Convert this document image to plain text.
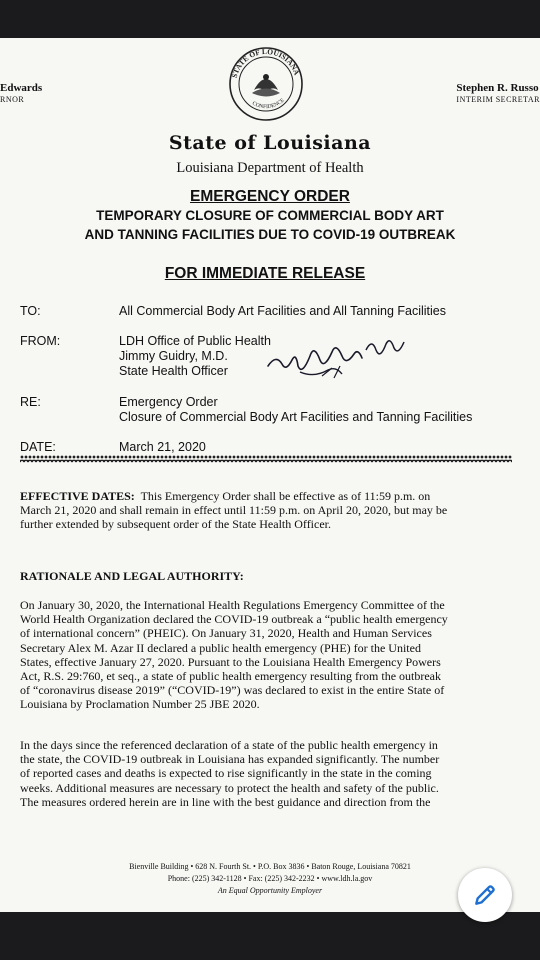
Edwards
RNOR
STATE OF LOUISIANA
CONFIDENCE
Stephen R. Russo
INTERIM SECRETAR
State of Louisiana
Louisiana Department of Health
EMERGENCY ORDER
TEMPORARY CLOSURE OF COMMERCIAL BODY ART
AND TANNING FACILITIES DUE TO COVID-19 OUTBREAK
FOR IMMEDIATE RELEASE
TO:	All Commercial Body Art Facilities and All Tanning Facilities
FROM:	LDH Office of Public Health
Jimmy Guidry, M.D.
State Health Officer
RE:	Emergency Order
Closure of Commercial Body Art Facilities and Tanning Facilities
DATE:	March 21, 2020
EFFECTIVE DATES: This Emergency Order shall be effective as of 11:59 p.m. on
March 21, 2020 and shall remain in effect until 11:59 p.m. on April 20, 2020, but may be
further extended by subsequent order of the State Health Officer.
RATIONALE AND LEGAL AUTHORITY:
On January 30, 2020, the International Health Regulations Emergency Committee of the
World Health Organization declared the COVID-19 outbreak a “public health emergency
of international concern” (PHEIC). On January 31, 2020, Health and Human Services
Secretary Alex M. Azar II declared a public health emergency (PHE) for the United
States, effective January 27, 2020. Pursuant to the Louisiana Health Emergency Powers
Act, R.S. 29:760, et seq., a state of public health emergency resulting from the outbreak
of “coronavirus disease 2019” (“COVID-19”) was declared to exist in the entire State of
Louisiana by Proclamation Number 25 JBE 2020.
In the days since the referenced declaration of a state of the public health emergency in
the state, the COVID-19 outbreak in Louisiana has expanded significantly. The number
of reported cases and deaths is expected to rise significantly in the state in the coming
weeks. Additional measures are necessary to protect the health and safety of the public.
The measures ordered herein are in line with the best guidance and direction from the
Bienville Building • 628 N. Fourth St. • P.O. Box 3836 • Baton Rouge, Louisiana 70821
Phone: (225) 342-1128 • Fax: (225) 342-2232 • www.ldh.la.gov
An Equal Opportunity Employer
